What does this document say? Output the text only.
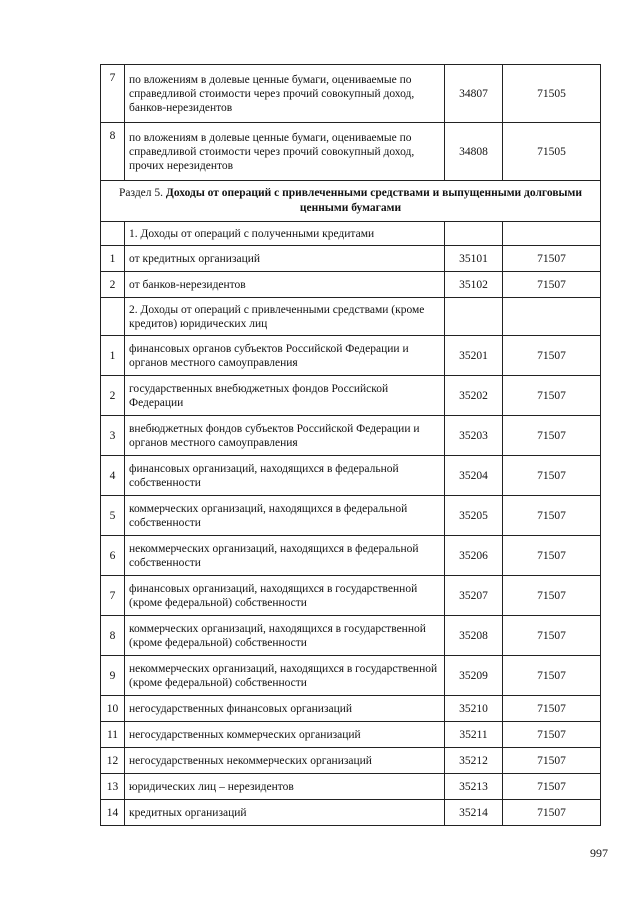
7	по вложениям в долевые ценные бумаги, оцениваемые по справедливой стоимости через прочий совокупный доход, банков-нерезидентов	34807	71505
8	по вложениям в долевые ценные бумаги, оцениваемые по справедливой стоимости через прочий совокупный доход, прочих нерезидентов	34808	71505
Раздел 5. Доходы от операций с привлеченными средствами и выпущенными долговыми ценными бумагами			
	1. Доходы от операций с полученными кредитами		
1	от кредитных организаций	35101	71507
2	от банков-нерезидентов	35102	71507
	2. Доходы от операций с привлеченными средствами (кроме кредитов) юридических лиц		
1	финансовых органов субъектов Российской Федерации и органов местного самоуправления	35201	71507
2	государственных внебюджетных фондов Российской Федерации	35202	71507
3	внебюджетных фондов субъектов Российской Федерации и органов местного самоуправления	35203	71507
4	финансовых организаций, находящихся в федеральной собственности	35204	71507
5	коммерческих организаций, находящихся в федеральной собственности	35205	71507
6	некоммерческих организаций, находящихся в федеральной собственности	35206	71507
7	финансовых организаций, находящихся в государственной (кроме федеральной) собственности	35207	71507
8	коммерческих организаций, находящихся в государственной (кроме федеральной) собственности	35208	71507
9	некоммерческих организаций, находящихся в государственной (кроме федеральной) собственности	35209	71507
10	негосударственных финансовых организаций	35210	71507
11	негосударственных коммерческих организаций	35211	71507
12	негосударственных некоммерческих организаций	35212	71507
13	юридических лиц – нерезидентов	35213	71507
14	кредитных организаций	35214	71507
997
